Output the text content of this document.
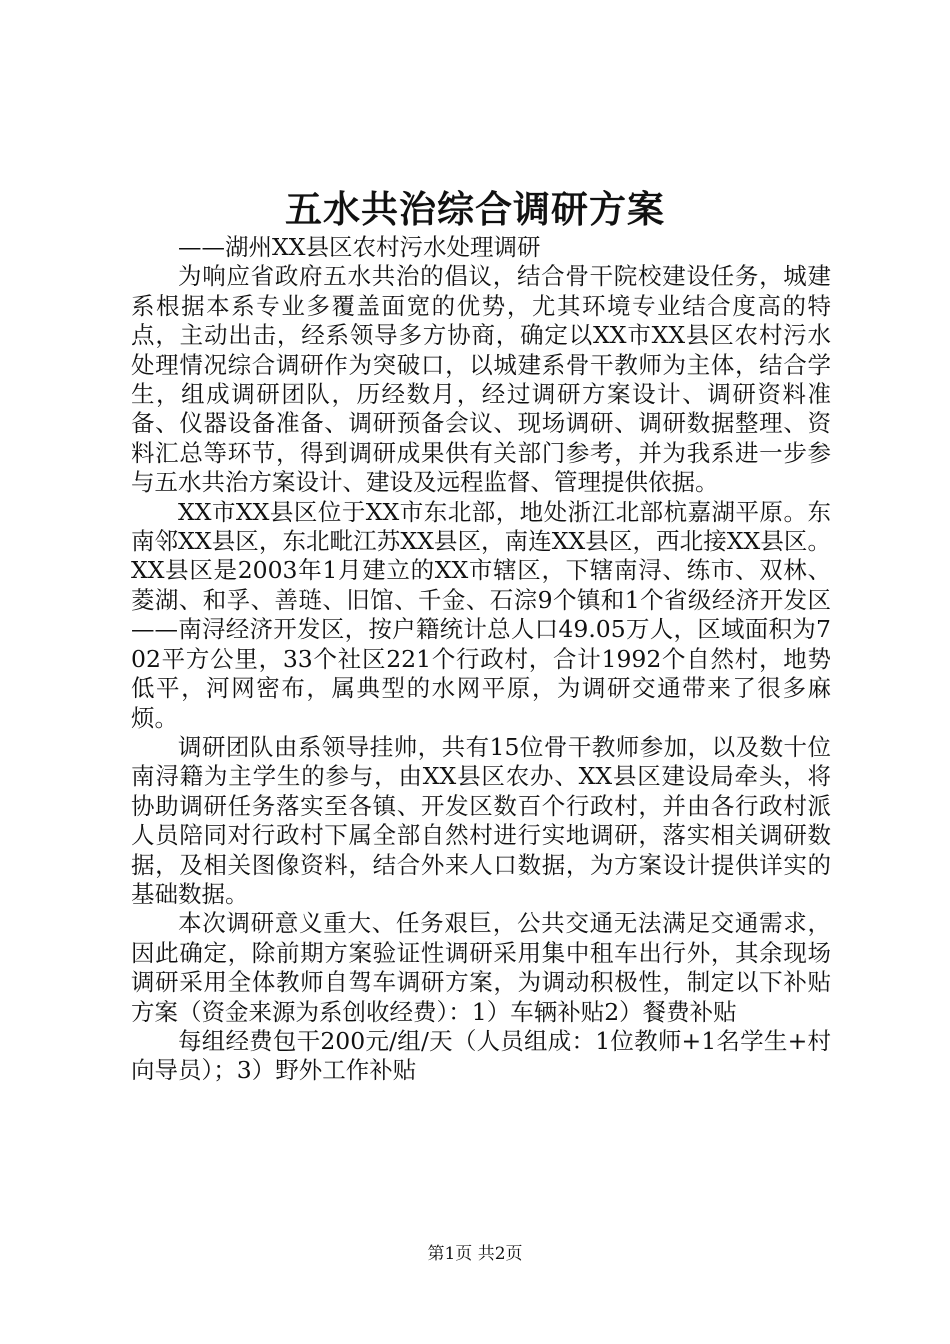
五水共治综合调研方案

——湖州XX县区农村污水处理调研

为响应省政府五水共治的倡议，结合骨干院校建设任务，城建系根据本系专业多覆盖面宽的优势，尤其环境专业结合度高的特点，主动出击，经系领导多方协商，确定以XX市XX县区农村污水处理情况综合调研作为突破口，以城建系骨干教师为主体，结合学生，组成调研团队，历经数月，经过调研方案设计、调研资料准备、仪器设备准备、调研预备会议、现场调研、调研数据整理、资料汇总等环节，得到调研成果供有关部门参考，并为我系进一步参与五水共治方案设计、建设及远程监督、管理提供依据。

XX市XX县区位于XX市东北部，地处浙江北部杭嘉湖平原。东南邻XX县区，东北毗江苏XX县区，南连XX县区，西北接XX县区。XX县区是2003年1月建立的XX市辖区，下辖南浔、练市、双林、菱湖、和孚、善琏、旧馆、千金、石淙9个镇和1个省级经济开发区——南浔经济开发区，按户籍统计总人口49.05万人，区域面积为702平方公里，33个社区221个行政村，合计1992个自然村，地势低平，河网密布，属典型的水网平原，为调研交通带来了很多麻烦。

调研团队由系领导挂帅，共有15位骨干教师参加，以及数十位南浔籍为主学生的参与，由XX县区农办、XX县区建设局牵头，将协助调研任务落实至各镇、开发区数百个行政村，并由各行政村派人员陪同对行政村下属全部自然村进行实地调研，落实相关调研数据，及相关图像资料，结合外来人口数据，为方案设计提供详实的基础数据。

本次调研意义重大、任务艰巨，公共交通无法满足交通需求，因此确定，除前期方案验证性调研采用集中租车出行外，其余现场调研采用全体教师自驾车调研方案，为调动积极性，制定以下补贴方案（资金来源为系创收经费）：1）车辆补贴2）餐费补贴

每组经费包干200元/组/天（人员组成：1位教师+1名学生+村向导员）；3）野外工作补贴

第1页 共2页
